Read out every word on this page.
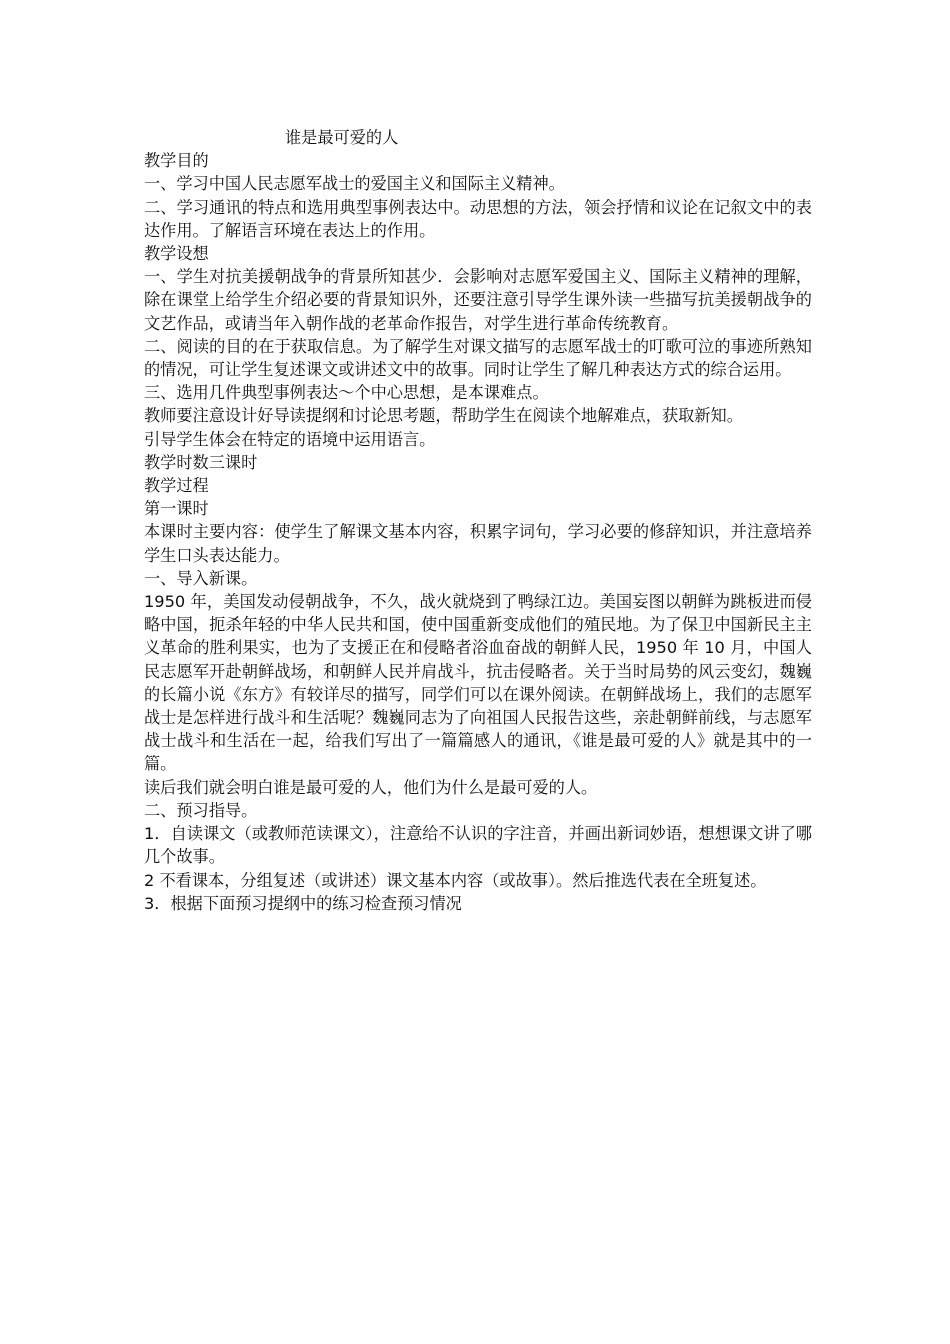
谁是最可爱的人

教学目的

一、学习中国人民志愿军战士的爱国主义和国际主义精神。

二、学习通讯的特点和选用典型事例表达中。动思想的方法，领会抒情和议论在记叙文中的表达作用。了解语言环境在表达上的作用。

教学设想

一、学生对抗美援朝战争的背景所知甚少．会影响对志愿军爱国主义、国际主义精神的理解，除在课堂上给学生介绍必要的背景知识外，还要注意引导学生课外读一些描写抗美援朝战争的文艺作品，或请当年入朝作战的老革命作报告，对学生进行革命传统教育。

二、阅读的目的在于获取信息。为了解学生对课文描写的志愿军战士的叮歌可泣的事迹所熟知的情况，可让学生复述课文或讲述文中的故事。同时让学生了解几种表达方式的综合运用。

三、选用几件典型事例表达～个中心思想，是本课难点。

教师要注意设计好导读提纲和讨论思考题，帮助学生在阅读个地解难点，获取新知。

引导学生体会在特定的语境中运用语言。

教学时数三课时

教学过程

第一课时

本课时主要内容：使学生了解课文基本内容，积累字词句，学习必要的修辞知识，并注意培养学生口头表达能力。

一、导入新课。

1950 年，美国发动侵朝战争，不久，战火就烧到了鸭绿江边。美国妄图以朝鲜为跳板进而侵略中国，扼杀年轻的中华人民共和国，使中国重新变成他们的殖民地。为了保卫中国新民主主义革命的胜利果实，也为了支援正在和侵略者浴血奋战的朝鲜人民，1950 年 10 月，中国人民志愿军开赴朝鲜战场，和朝鲜人民并肩战斗，抗击侵略者。关于当时局势的风云变幻，魏巍的长篇小说《东方》有较详尽的描写，同学们可以在课外阅读。在朝鲜战场上，我们的志愿军战士是怎样进行战斗和生活呢？魏巍同志为了向祖国人民报告这些，亲赴朝鲜前线，与志愿军战士战斗和生活在一起，给我们写出了一篇篇感人的通讯，《谁是最可爱的人》就是其中的一篇。

读后我们就会明白谁是最可爱的人，他们为什么是最可爱的人。

二、预习指导。

1．自读课文（或教师范读课文），注意给不认识的字注音，并画出新词妙语，想想课文讲了哪几个故事。

2 不看课本，分组复述（或讲述）课文基本内容（或故事）。然后推选代表在全班复述。

3．根据下面预习提纲中的练习检查预习情况
